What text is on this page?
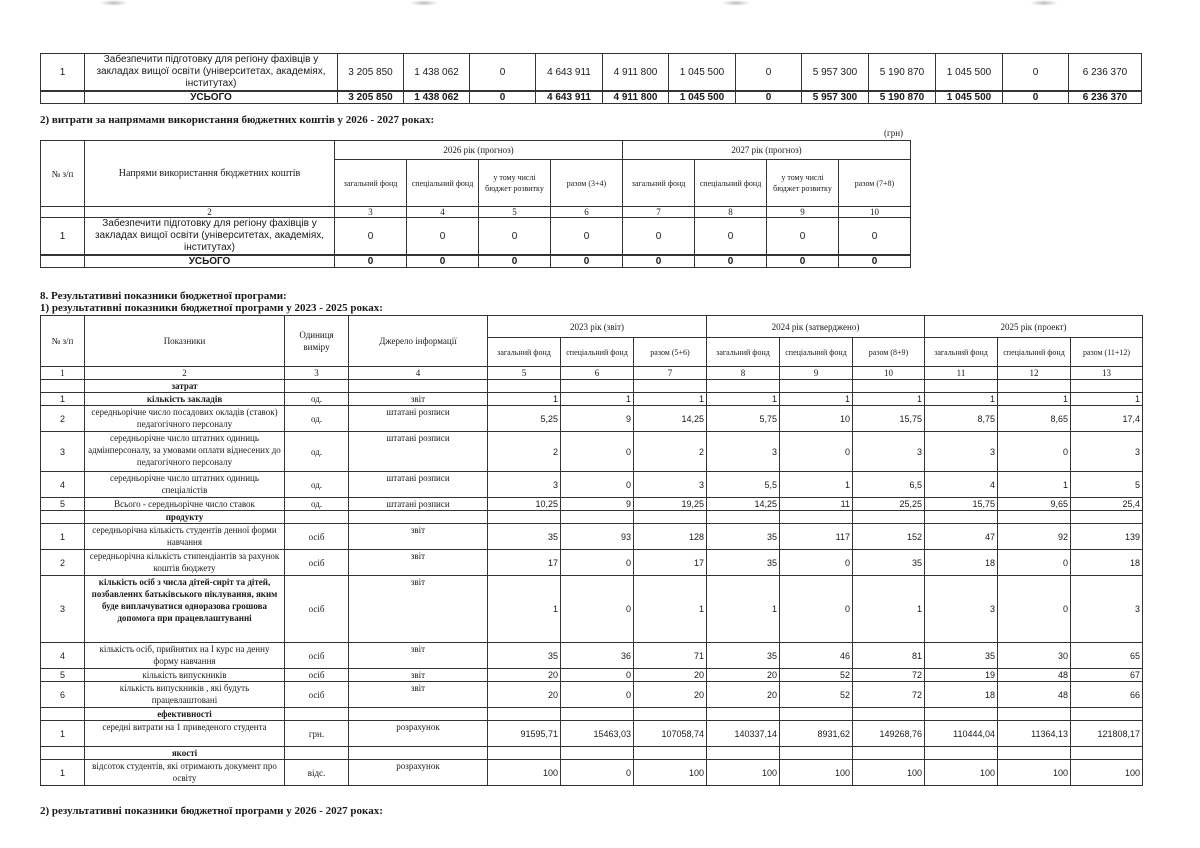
1	Забезпечити підготовку для регіону фахівців у закладах вищої освіти (університетах, академіях, інститутах)	3 205 850	1 438 062	0	4 643 911	4 911 800	1 045 500	0	5 957 300	5 190 870	1 045 500	0	6 236 370
	УСЬОГО	3 205 850	1 438 062	0	4 643 911	4 911 800	1 045 500	0	5 957 300	5 190 870	1 045 500	0	6 236 370
2) витрати за напрямами використання бюджетних коштів у 2026 - 2027 роках:
(грн)
№ з/п	Напрями використання бюджетних коштів	2026 рік (прогноз)				2027 рік (прогноз)			
		загальний фонд	спеціальний фонд	у тому числі бюджет розвитку	разом (3+4)	загальний фонд	спеціальний фонд	у тому числі бюджет розвитку	разом (7+8)
	2	3	4	5	6	7	8	9	10
1	Забезпечити підготовку для регіону фахівців у закладах вищої освіти (університетах, академіях, інститутах)	0	0	0	0	0	0	0	0
	УСЬОГО	0	0	0	0	0	0	0	0
8. Результативні показники бюджетної програми:
1) результативні показники бюджетної програми у 2023 - 2025 роках:
№ з/п	Показники	Одиниця виміру	Джерело інформації	2023 рік (звіт)			2024 рік (затверджено)			2025 рік (проект)		
				загальний фонд	спеціальний фонд	разом (5+6)	загальний фонд	спеціальний фонд	разом (8+9)	загальний фонд	спеціальний фонд	разом (11+12)
1	2	3	4	5	6	7	8	9	10	11	12	13
	затрат											
1	кількість закладів	од.	звіт	1	1	1	1	1	1	1	1	1
2	середньорічне число посадових окладів (ставок) педагогічного персоналу	од.	штатані розписи	5,25	9	14,25	5,75	10	15,75	8,75	8,65	17,4
3	середньорічне число штатних одиниць адмінперсоналу, за умовами оплати віднесених до педагогічного персоналу	од.	штатані розписи	2	0	2	3	0	3	3	0	3
4	середньорічне число штатних одиниць спеціалістів	од.	штатані розписи	3	0	3	5,5	1	6,5	4	1	5
5	Всього - середньорічне число ставок	од.	штатані розписи	10,25	9	19,25	14,25	11	25,25	15,75	9,65	25,4
	продукту											
1	середньорічна кількість студентів денної форми навчання	осіб	звіт	35	93	128	35	117	152	47	92	139
2	середньорічна кількість стипендіантів за рахунок коштів бюджету	осіб	звіт	17	0	17	35	0	35	18	0	18
3	кількість осіб з числа дітей-сиріт та дітей, позбавлених батьківського піклування, яким буде виплачуватися одноразова грошова допомога при працевлаштуванні	осіб	звіт	1	0	1	1	0	1	3	0	3
4	кількість осіб, прийнятих на I курс на денну форму навчання	осіб	звіт	35	36	71	35	46	81	35	30	65
5	кількість випускників	осіб	звіт	20	0	20	20	52	72	19	48	67
6	кількість випускників , які будуть працевлаштовані	осіб	звіт	20	0	20	20	52	72	18	48	66
	ефективності											
1	середні витрати на 1 приведеного студента	грн.	розрахунок	91595,71	15463,03	107058,74	140337,14	8931,62	149268,76	110444,04	11364,13	121808,17
	якості											
1	відсоток студентів, які отримають документ про освіту	відс.	розрахунок	100	0	100	100	100	100	100	100	100
2) результативні показники бюджетної програми у 2026 - 2027 роках:
